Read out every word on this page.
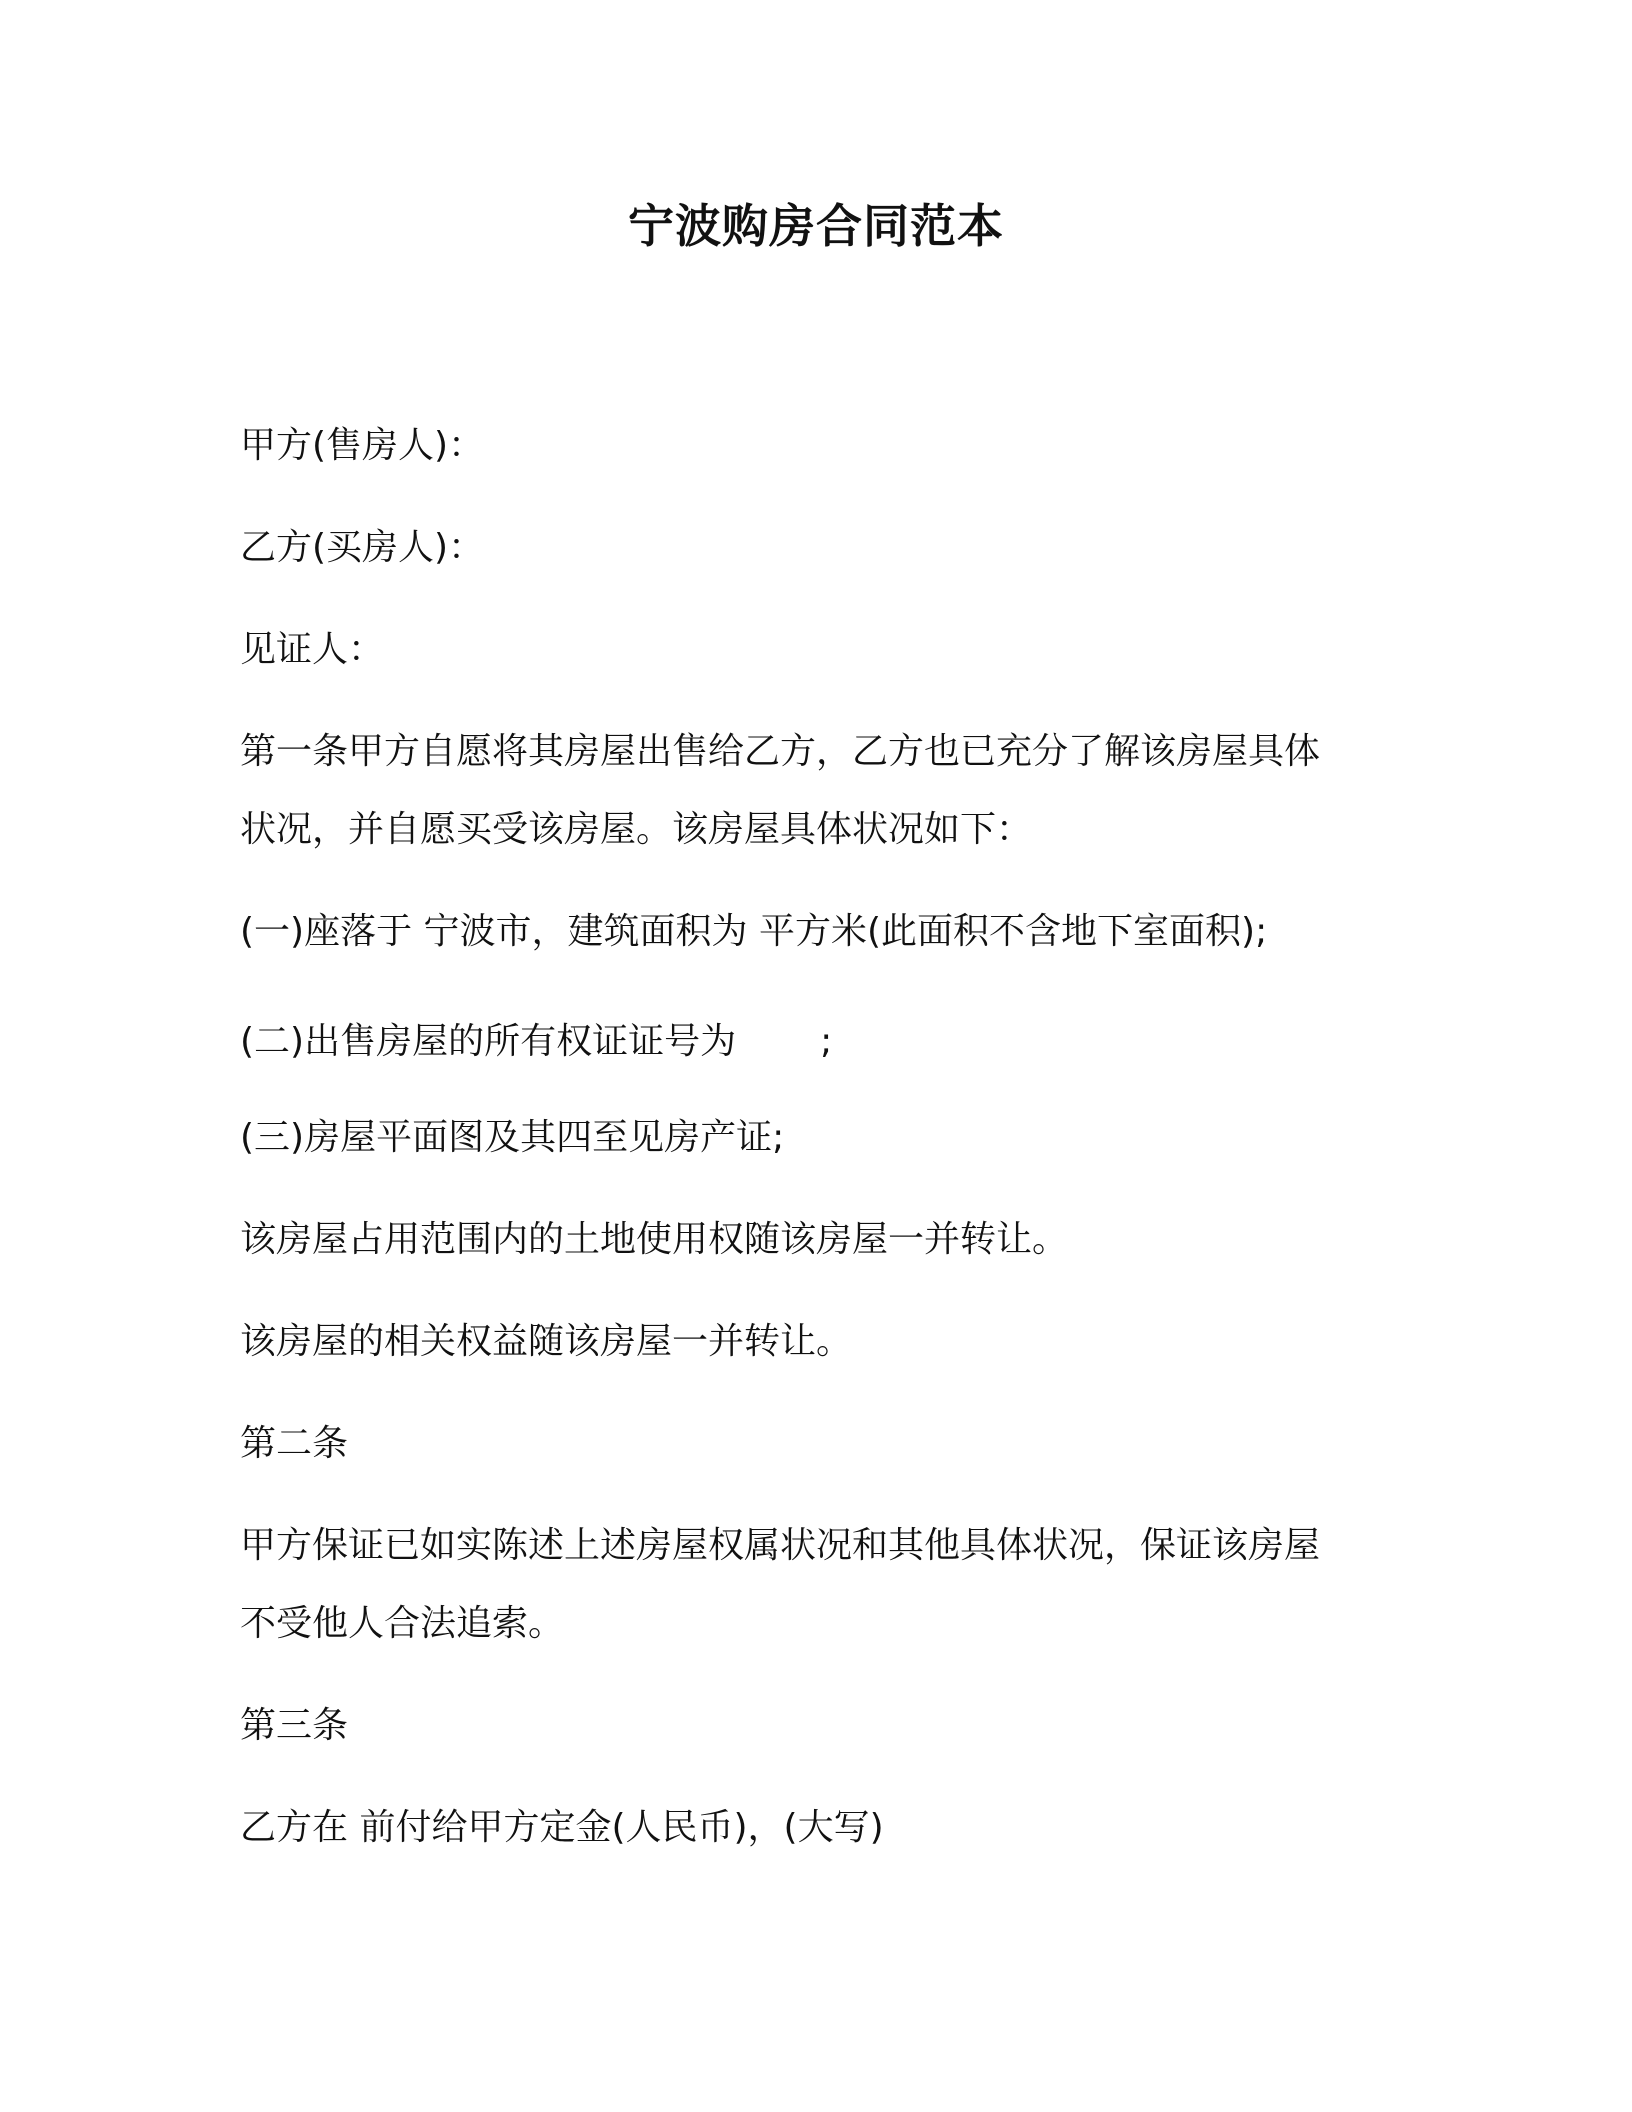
宁波购房合同范本
甲方(售房人)：
乙方(买房人)：
见证人：
第一条甲方自愿将其房屋出售给乙方，乙方也已充分了解该房屋具体
状况，并自愿买受该房屋。该房屋具体状况如下：
(一)座落于 宁波市，建筑面积为 平方米(此面积不含地下室面积);
(二)出售房屋的所有权证证号为 ;
(三)房屋平面图及其四至见房产证;
该房屋占用范围内的土地使用权随该房屋一并转让。
该房屋的相关权益随该房屋一并转让。
第二条
甲方保证已如实陈述上述房屋权属状况和其他具体状况，保证该房屋
不受他人合法追索。
第三条
乙方在 前付给甲方定金(人民币)，(大写)
